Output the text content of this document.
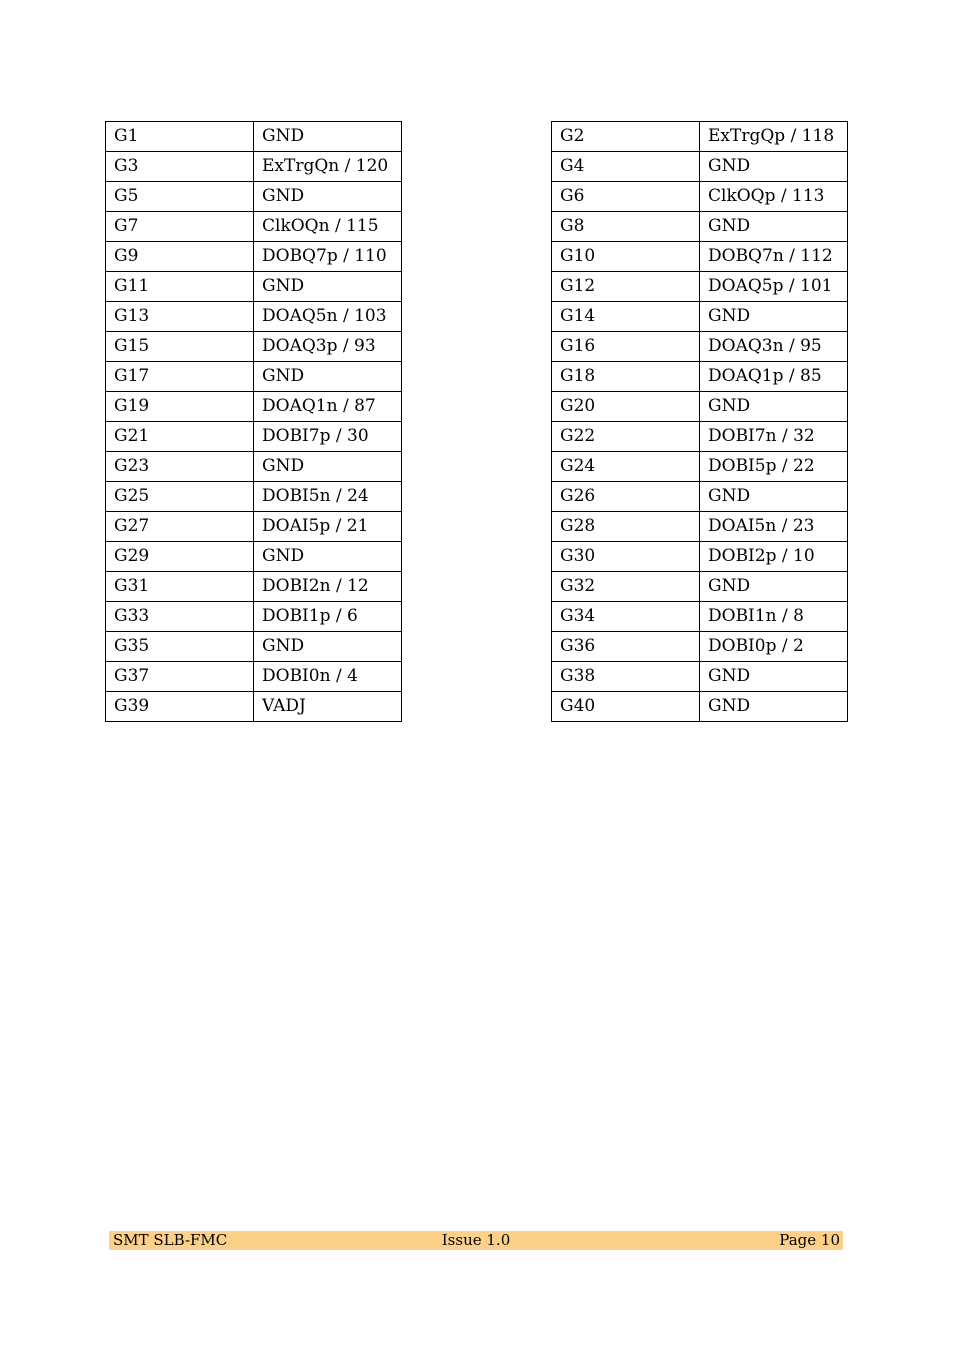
G1	GND
G3	ExTrgQn / 120
G5	GND
G7	ClkOQn / 115
G9	DOBQ7p / 110
G11	GND
G13	DOAQ5n / 103
G15	DOAQ3p / 93
G17	GND
G19	DOAQ1n / 87
G21	DOBI7p / 30
G23	GND
G25	DOBI5n / 24
G27	DOAI5p / 21
G29	GND
G31	DOBI2n / 12
G33	DOBI1p / 6
G35	GND
G37	DOBI0n / 4
G39	VADJ
G2	ExTrgQp / 118
G4	GND
G6	ClkOQp / 113
G8	GND
G10	DOBQ7n / 112
G12	DOAQ5p / 101
G14	GND
G16	DOAQ3n / 95
G18	DOAQ1p / 85
G20	GND
G22	DOBI7n / 32
G24	DOBI5p / 22
G26	GND
G28	DOAI5n / 23
G30	DOBI2p / 10
G32	GND
G34	DOBI1n / 8
G36	DOBI0p / 2
G38	GND
G40	GND
SMT SLB-FMC	Issue 1.0	Page 10
